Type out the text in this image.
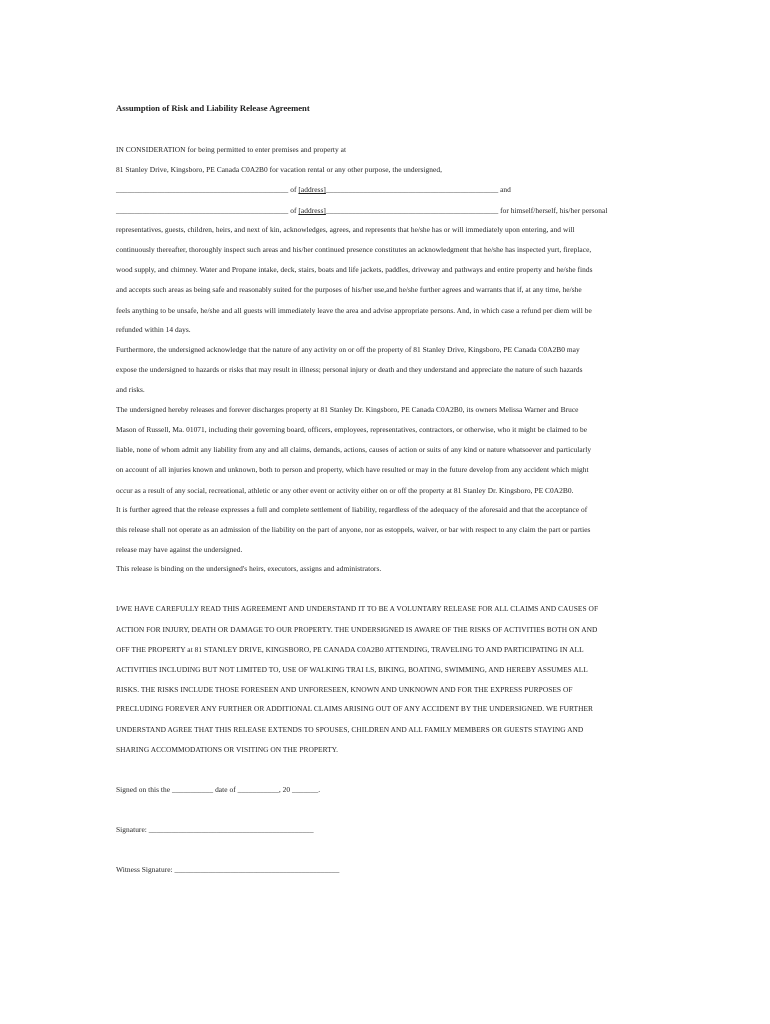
Assumption of Risk and Liability Release Agreement
IN CONSIDERATION for being permitted to enter premises and property at
81 Stanley Drive, Kingsboro, PE Canada C0A2B0 for vacation rental or any other purpose, the undersigned,
______________________________________________ of [address]______________________________________________ and
______________________________________________ of [address]______________________________________________ for himself/herself, his/her personal
representatives, guests, children, heirs, and next of kin, acknowledges, agrees, and represents that he/she has or will immediately upon entering, and will
continuously thereafter, thoroughly inspect such areas and his/her continued presence constitutes an acknowledgment that he/she has inspected yurt, fireplace,
wood supply, and chimney. Water and Propane intake, deck, stairs, boats and life jackets, paddles, driveway and pathways and entire property and he/she finds
and accepts such areas as being safe and reasonably suited for the purposes of his/her use,and he/she further agrees and warrants that if, at any time, he/she
feels anything to be unsafe, he/she and all guests will immediately leave the area and advise appropriate persons. And, in which case a refund per diem will be
refunded within 14 days.
Furthermore, the undersigned acknowledge that the nature of any activity on or off the property of 81 Stanley Drive, Kingsboro, PE Canada C0A2B0 may
expose the undersigned to hazards or risks that may result in illness; personal injury or death and they understand and appreciate the nature of such hazards
and risks.
The undersigned hereby releases and forever discharges property at 81 Stanley Dr. Kingsboro, PE Canada C0A2B0, its owners Melissa Warner and Bruce
Mason of Russell, Ma. 01071, including their governing board, officers, employees, representatives, contractors, or otherwise, who it might be claimed to be
liable, none of whom admit any liability from any and all claims, demands, actions, causes of action or suits of any kind or nature whatsoever and particularly
on account of all injuries known and unknown, both to person and property, which have resulted or may in the future develop from any accident which might
occur as a result of any social, recreational, athletic or any other event or activity either on or off the property at 81 Stanley Dr. Kingsboro, PE C0A2B0.
It is further agreed that the release expresses a full and complete settlement of liability, regardless of the adequacy of the aforesaid and that the acceptance of
this release shall not operate as an admission of the liability on the part of anyone, nor as estoppels, waiver, or bar with respect to any claim the part or parties
release may have against the undersigned.
This release is binding on the undersigned's heirs, executors, assigns and administrators.
I/WE HAVE CAREFULLY READ THIS AGREEMENT AND UNDERSTAND IT TO BE A VOLUNTARY RELEASE FOR ALL CLAIMS AND CAUSES OF
ACTION FOR INJURY, DEATH OR DAMAGE TO OUR PROPERTY. THE UNDERSIGNED IS AWARE OF THE RISKS OF ACTIVITIES BOTH ON AND
OFF THE PROPERTY at 81 STANLEY DRIVE, KINGSBORO, PE CANADA C0A2B0 ATTENDING, TRAVELING TO AND PARTICIPATING IN ALL
ACTIVITIES INCLUDING BUT NOT LIMITED TO, USE OF WALKING TRAI LS, BIKING, BOATING, SWIMMING, AND HEREBY ASSUMES ALL
RISKS. THE RISKS INCLUDE THOSE FORESEEN AND UNFORESEEN, KNOWN AND UNKNOWN AND FOR THE EXPRESS PURPOSES OF
PRECLUDING FOREVER ANY FURTHER OR ADDITIONAL CLAIMS ARISING OUT OF ANY ACCIDENT BY THE UNDERSIGNED. WE FURTHER
UNDERSTAND AGREE THAT THIS RELEASE EXTENDS TO SPOUSES, CHILDREN AND ALL FAMILY MEMBERS OR GUESTS STAYING AND
SHARING ACCOMMODATIONS OR VISITING ON THE PROPERTY.
Signed on this the ___________ date of ___________, 20 _______.
Signature: ____________________________________________
Witness Signature: ____________________________________________
